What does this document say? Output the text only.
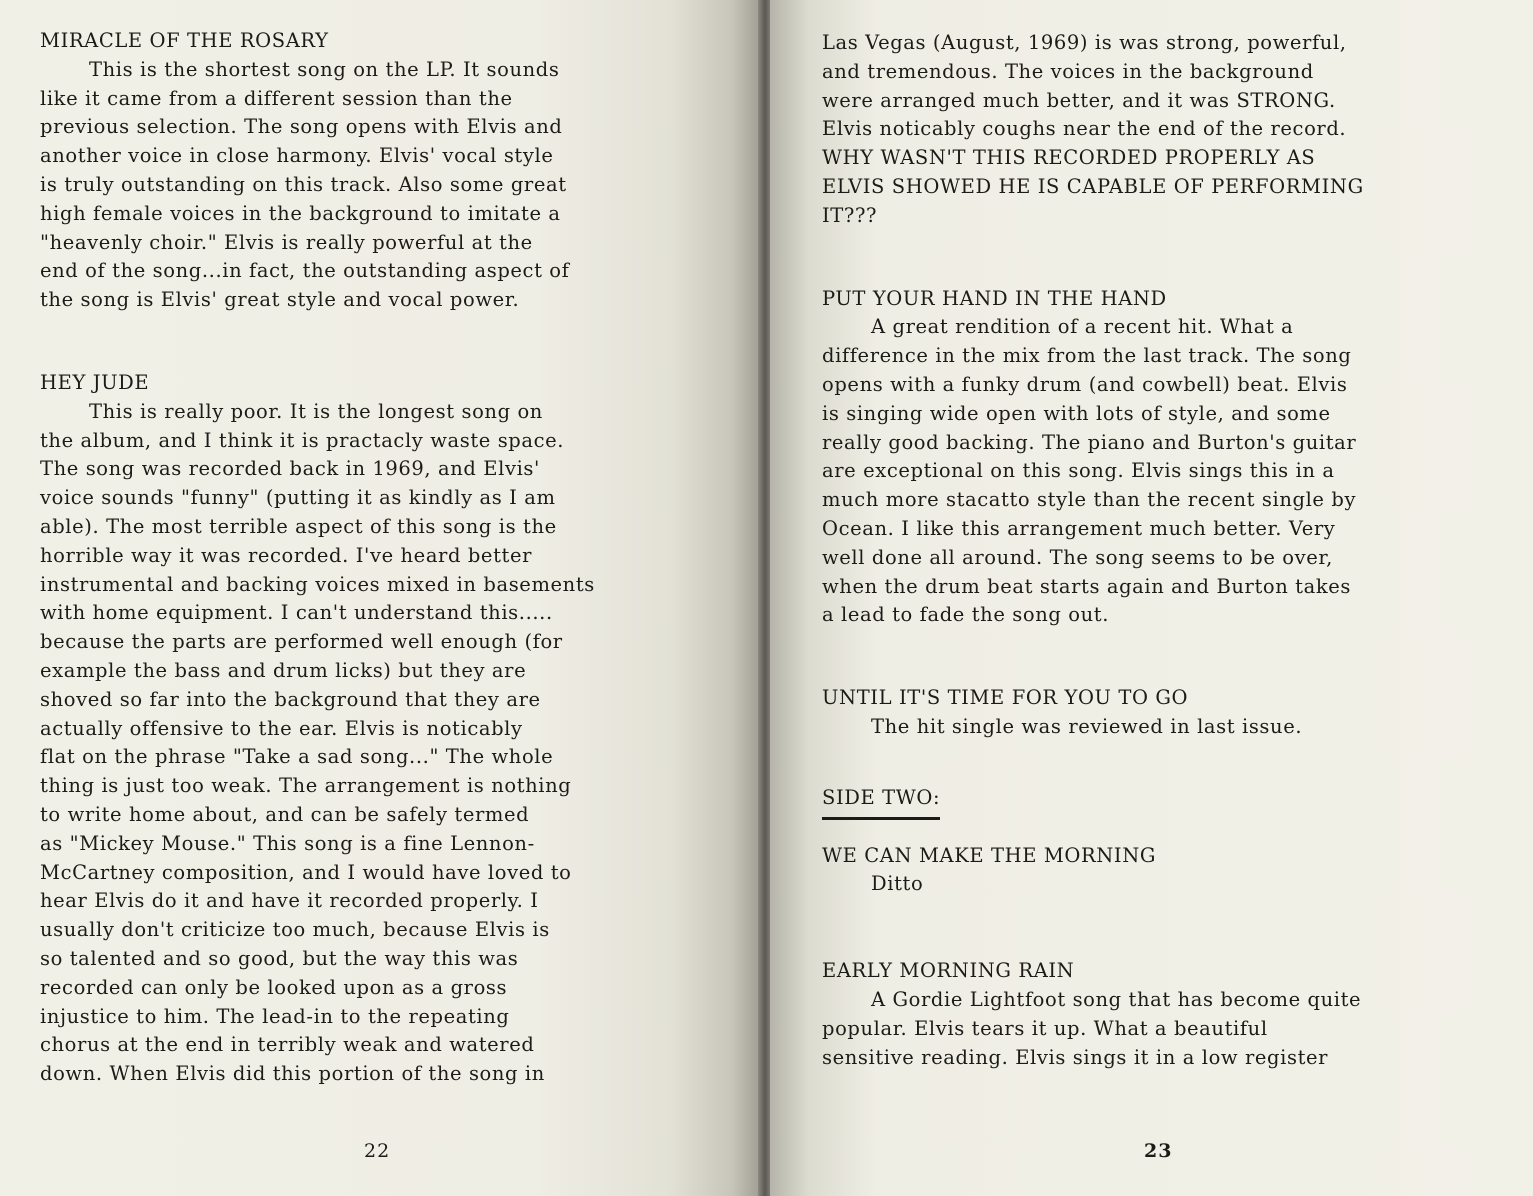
MIRACLE OF THE ROSARY
This is the shortest song on the LP. It sounds
like it came from a different session than the
previous selection. The song opens with Elvis and
another voice in close harmony. Elvis' vocal style
is truly outstanding on this track. Also some great
high female voices in the background to imitate a
"heavenly choir." Elvis is really powerful at the
end of the song...in fact, the outstanding aspect of
the song is Elvis' great style and vocal power.
HEY JUDE
This is really poor. It is the longest song on
the album, and I think it is practacly waste space.
The song was recorded back in 1969, and Elvis'
voice sounds "funny" (putting it as kindly as I am
able). The most terrible aspect of this song is the
horrible way it was recorded. I've heard better
instrumental and backing voices mixed in basements
with home equipment. I can't understand this.....
because the parts are performed well enough (for
example the bass and drum licks) but they are
shoved so far into the background that they are
actually offensive to the ear. Elvis is noticably
flat on the phrase "Take a sad song..." The whole
thing is just too weak. The arrangement is nothing
to write home about, and can be safely termed
as "Mickey Mouse." This song is a fine Lennon-
McCartney composition, and I would have loved to
hear Elvis do it and have it recorded properly. I
usually don't criticize too much, because Elvis is
so talented and so good, but the way this was
recorded can only be looked upon as a gross
injustice to him. The lead-in to the repeating
chorus at the end in terribly weak and watered
down. When Elvis did this portion of the song in
22
Las Vegas (August, 1969) is was strong, powerful,
and tremendous. The voices in the background
were arranged much better, and it was STRONG.
Elvis noticably coughs near the end of the record.
WHY WASN'T THIS RECORDED PROPERLY AS
ELVIS SHOWED HE IS CAPABLE OF PERFORMING
IT???
PUT YOUR HAND IN THE HAND
A great rendition of a recent hit. What a
difference in the mix from the last track. The song
opens with a funky drum (and cowbell) beat. Elvis
is singing wide open with lots of style, and some
really good backing. The piano and Burton's guitar
are exceptional on this song. Elvis sings this in a
much more stacatto style than the recent single by
Ocean. I like this arrangement much better. Very
well done all around. The song seems to be over,
when the drum beat starts again and Burton takes
a lead to fade the song out.
UNTIL IT'S TIME FOR YOU TO GO
The hit single was reviewed in last issue.
SIDE TWO:
WE CAN MAKE THE MORNING
Ditto
EARLY MORNING RAIN
A Gordie Lightfoot song that has become quite
popular. Elvis tears it up. What a beautiful
sensitive reading. Elvis sings it in a low register
23
